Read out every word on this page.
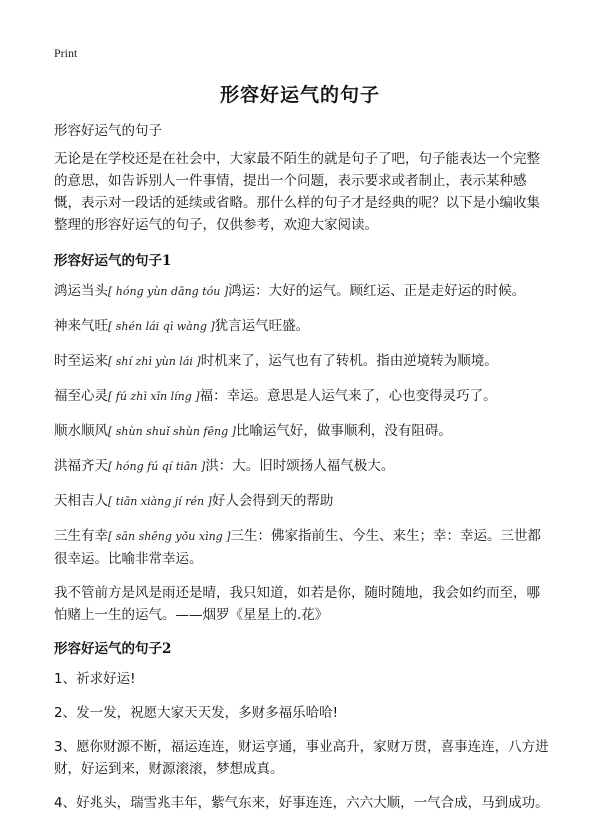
Print
形容好运气的句子

形容好运气的句子

无论是在学校还是在社会中，大家最不陌生的就是句子了吧，句子能表达一个完整的意思，如告诉别人一件事情，提出一个问题，表示要求或者制止，表示某种感慨，表示对一段话的延续或省略。那什么样的句子才是经典的呢？以下是小编收集整理的形容好运气的句子，仅供参考，欢迎大家阅读。

形容好运气的句子1

鸿运当头[ hóng yùn dāng tóu ]鸿运：大好的运气。顾红运、正是走好运的时候。

神来气旺[ shén lái qì wàng ]犹言运气旺盛。

时至运来[ shí zhì yùn lái ]时机来了，运气也有了转机。指由逆境转为顺境。

福至心灵[ fú zhì xīn líng ]福：幸运。意思是人运气来了，心也变得灵巧了。

顺水顺风[ shùn shuǐ shùn fēng ]比喻运气好，做事顺利，没有阻碍。

洪福齐天[ hóng fú qí tiān ]洪：大。旧时颂扬人福气极大。

天相吉人[ tiān xiàng jí rén ]好人会得到天的帮助

三生有幸[ sān shēng yǒu xìng ]三生：佛家指前生、今生、来生；幸：幸运。三世都很幸运。比喻非常幸运。

我不管前方是风是雨还是晴，我只知道，如若是你，随时随地，我会如约而至，哪怕赌上一生的运气。——烟罗《星星上的.花》

形容好运气的句子2

1、祈求好运!

2、发一发，祝愿大家天天发，多财多福乐哈哈!

3、愿你财源不断，福运连连，财运亨通，事业高升，家财万贯，喜事连连，八方进财，好运到来，财源滚滚，梦想成真。

4、好兆头，瑞雪兆丰年，紫气东来，好事连连，六六大顺，一气合成，马到成功。
